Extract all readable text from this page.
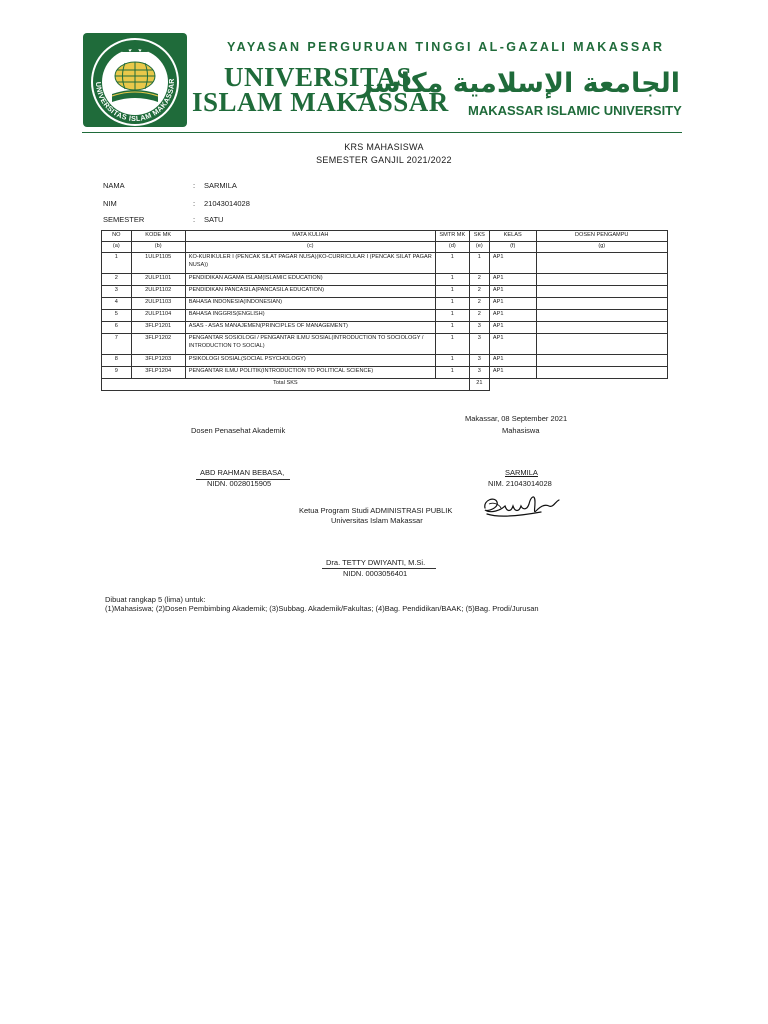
UNIVERSITAS ISLAM MAKASSAR
YAYASAN PERGURUAN TINGGI AL-GAZALI MAKASSAR
UNIVERSITAS
ISLAM MAKASSAR
الجامعة الإسلامية مكاسر
MAKASSAR ISLAMIC UNIVERSITY
KRS MAHASISWA
SEMESTER GANJIL 2021/2022
NAMA	: SARMILA
NIM	: 21043014028
SEMESTER	: SATU
NO	KODE MK	MATA KULIAH	SMTR MK	SKS	KELAS	DOSEN PENGAMPU
(a)	(b)	(c)	(d)	(e)	(f)	(g)
1	1ULP1105	KO-KURIKULER I (PENCAK SILAT PAGAR NUSA)(KO-CURRICULAR I (PENCAK SILAT PAGAR NUSA))	1	1	AP1	
2	2ULP1101	PENDIDIKAN AGAMA ISLAM(ISLAMIC EDUCATION)	1	2	AP1	
3	2ULP1102	PENDIDIKAN PANCASILA(PANCASILA EDUCATION)	1	2	AP1	
4	2ULP1103	BAHASA INDONESIA(INDONESIAN)	1	2	AP1	
5	2ULP1104	BAHASA INGGRIS(ENGLISH)	1	2	AP1	
6	3FLP1201	ASAS - ASAS MANAJEMEN(PRINCIPLES OF MANAGEMENT)	1	3	AP1	
7	3FLP1202	PENGANTAR SOSIOLOGI / PENGANTAR ILMU SOSIAL(INTRODUCTION TO SOCIOLOGY / INTRODUCTION TO SOCIAL)	1	3	AP1	
8	3FLP1203	PSIKOLOGI SOSIAL(SOCIAL PSYCHOLOGY)	1	3	AP1	
9	3FLP1204	PENGANTAR ILMU POLITIK(INTRODUCTION TO POLITICAL SCIENCE)	1	3	AP1	
Total SKS				21		
Makassar, 08 September 2021
Dosen Penasehat Akademik	Mahasiswa
ABD RAHMAN BEBASA,
NIDN. 0028015905
SARMILA
NIM. 21043014028
Ketua Program Studi ADMINISTRASI PUBLIK
Universitas Islam Makassar
Dra. TETTY DWIYANTI, M.Si.
NIDN. 0003056401
Dibuat rangkap 5 (lima) untuk:
(1)Mahasiswa; (2)Dosen Pembimbing Akademik; (3)Subbag. Akademik/Fakultas; (4)Bag. Pendidikan/BAAK; (5)Bag. Prodi/Jurusan
